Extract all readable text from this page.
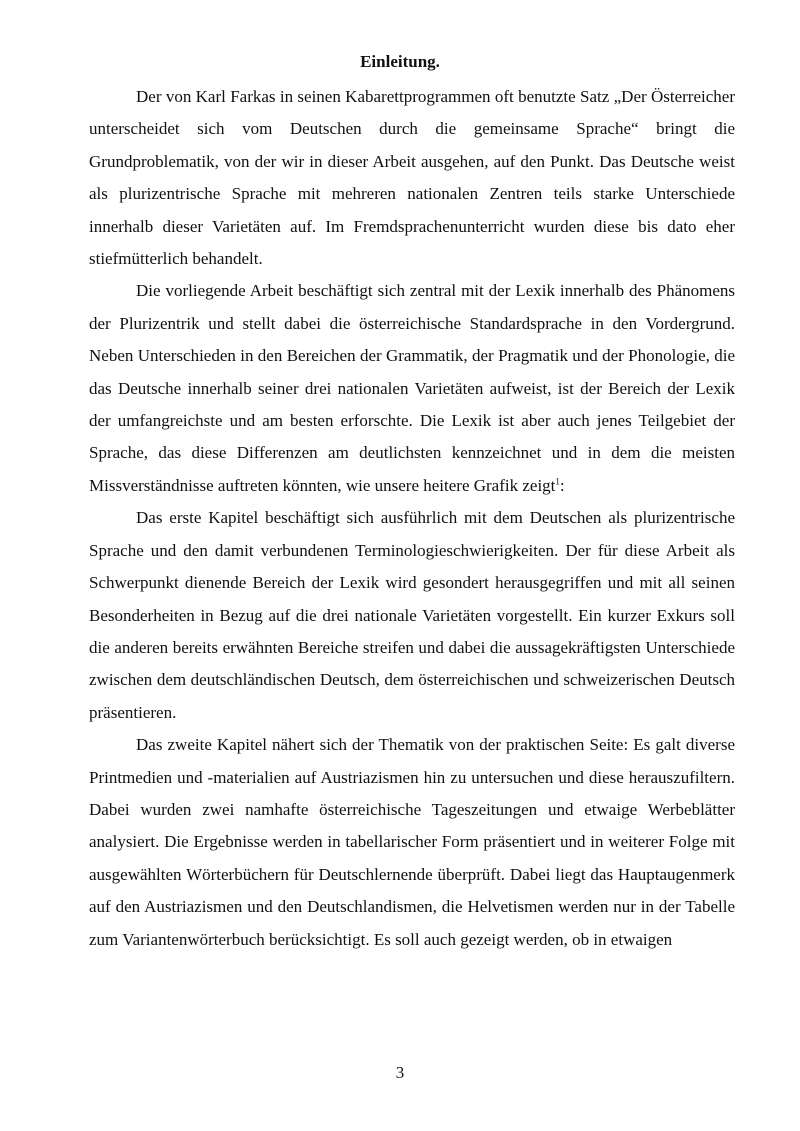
Einleitung.

Der von Karl Farkas in seinen Kabarettprogrammen oft benutzte Satz „Der Österreicher unterscheidet sich vom Deutschen durch die gemeinsame Sprache“ bringt die Grundproblematik, von der wir in dieser Arbeit ausgehen, auf den Punkt. Das Deutsche weist als plurizentrische Sprache mit mehreren nationalen Zentren teils starke Unterschiede innerhalb dieser Varietäten auf. Im Fremdsprachenunterricht wurden diese bis dato eher stiefmütterlich behandelt.

Die vorliegende Arbeit beschäftigt sich zentral mit der Lexik innerhalb des Phänomens der Plurizentrik und stellt dabei die österreichische Standardsprache in den Vordergrund. Neben Unterschieden in den Bereichen der Grammatik, der Pragmatik und der Phonologie, die das Deutsche innerhalb seiner drei nationalen Varietäten aufweist, ist der Bereich der Lexik der umfangreichste und am besten erforschte. Die Lexik ist aber auch jenes Teilgebiet der Sprache, das diese Differenzen am deutlichsten kennzeichnet und in dem die meisten Missverständnisse auftreten könnten, wie unsere heitere Grafik zeigt$^1$:

Das erste Kapitel beschäftigt sich ausführlich mit dem Deutschen als plurizentrische Sprache und den damit verbundenen Terminologieschwierigkeiten. Der für diese Arbeit als Schwerpunkt dienende Bereich der Lexik wird gesondert herausgegriffen und mit all seinen Besonderheiten in Bezug auf die drei nationale Varietäten vorgestellt. Ein kurzer Exkurs soll die anderen bereits erwähnten Bereiche streifen und dabei die aussagekräftigsten Unterschiede zwischen dem deutschländischen Deutsch, dem österreichischen und schweizerischen Deutsch präsentieren.

Das zweite Kapitel nähert sich der Thematik von der praktischen Seite: Es galt diverse Printmedien und -materialien auf Austriazismen hin zu untersuchen und diese herauszufiltern. Dabei wurden zwei namhafte österreichische Tageszeitungen und etwaige Werbeblätter analysiert. Die Ergebnisse werden in tabellarischer Form präsentiert und in weiterer Folge mit ausgewählten Wörterbüchern für Deutschlernende überprüft. Dabei liegt das Hauptaugenmerk auf den Austriazismen und den Deutschlandismen, die Helvetismen werden nur in der Tabelle zum Variantenwörterbuch berücksichtigt. Es soll auch gezeigt werden, ob in etwaigen

3
